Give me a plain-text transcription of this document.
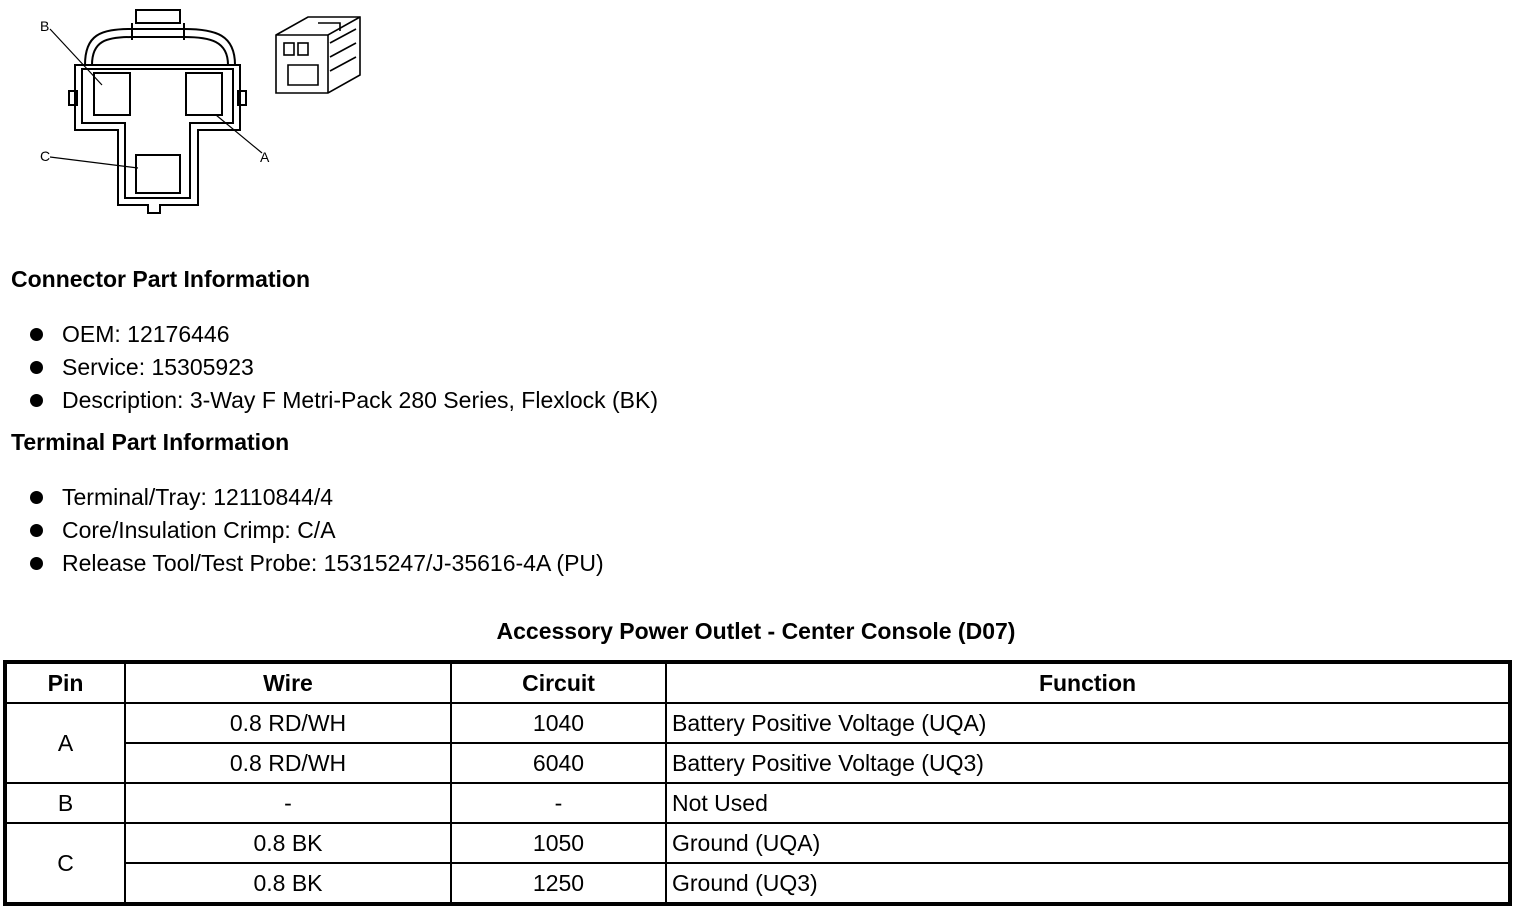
B
C	A
Connector Part Information
OEM: 12176446
Service: 15305923
Description: 3-Way F Metri-Pack 280 Series, Flexlock (BK)
Terminal Part Information
Terminal/Tray: 12110844/4
Core/Insulation Crimp: C/A
Release Tool/Test Probe: 15315247/J-35616-4A (PU)
Accessory Power Outlet - Center Console (D07)
Pin	Wire	Circuit	Function
A	0.8 RD/WH	1040	Battery Positive Voltage (UQA)
	0.8 RD/WH	6040	Battery Positive Voltage (UQ3)
B	-	-	Not Used
C	0.8 BK	1050	Ground (UQA)
	0.8 BK	1250	Ground (UQ3)
